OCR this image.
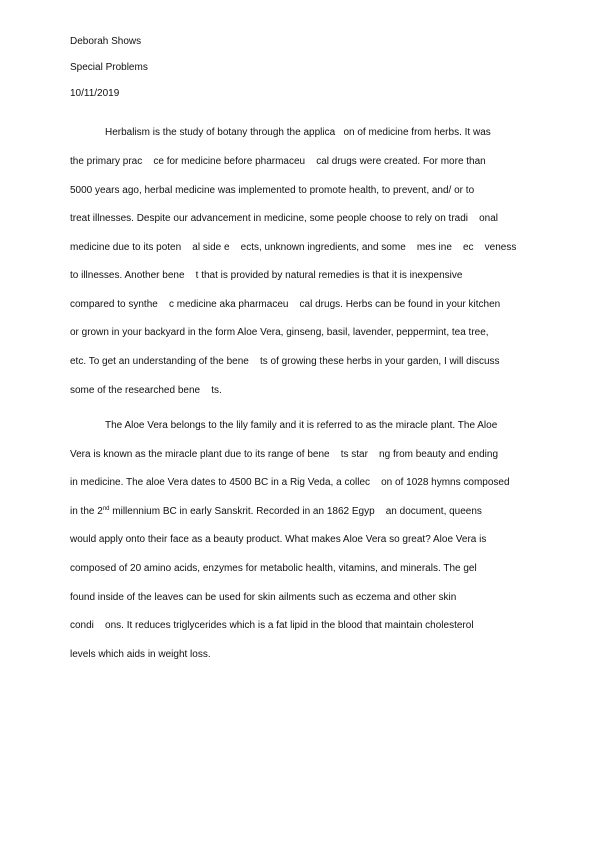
Deborah Shows
Special Problems
10/11/2019
Herbalism is the study of botany through the applica   on of medicine from herbs. It was
the primary prac    ce for medicine before pharmaceu    cal drugs were created. For more than
5000 years ago, herbal medicine was implemented to promote health, to prevent, and/ or to
treat illnesses. Despite our advancement in medicine, some people choose to rely on tradi    onal
medicine due to its poten    al side e    ects, unknown ingredients, and some    mes ine    ec    veness
to illnesses. Another bene    t that is provided by natural remedies is that it is inexpensive
compared to synthe    c medicine aka pharmaceu    cal drugs. Herbs can be found in your kitchen
or grown in your backyard in the form Aloe Vera, ginseng, basil, lavender, peppermint, tea tree,
etc. To get an understanding of the bene    ts of growing these herbs in your garden, I will discuss
some of the researched bene    ts.
The Aloe Vera belongs to the lily family and it is referred to as the miracle plant. The Aloe
Vera is known as the miracle plant due to its range of bene    ts star    ng from beauty and ending
in medicine. The aloe Vera dates to 4500 BC in a Rig Veda, a collec    on of 1028 hymns composed
in the 2nd millennium BC in early Sanskrit. Recorded in an 1862 Egyp    an document, queens
would apply onto their face as a beauty product. What makes Aloe Vera so great? Aloe Vera is
composed of 20 amino acids, enzymes for metabolic health, vitamins, and minerals. The gel
found inside of the leaves can be used for skin ailments such as eczema and other skin
condi    ons. It reduces triglycerides which is a fat lipid in the blood that maintain cholesterol
levels which aids in weight loss.
